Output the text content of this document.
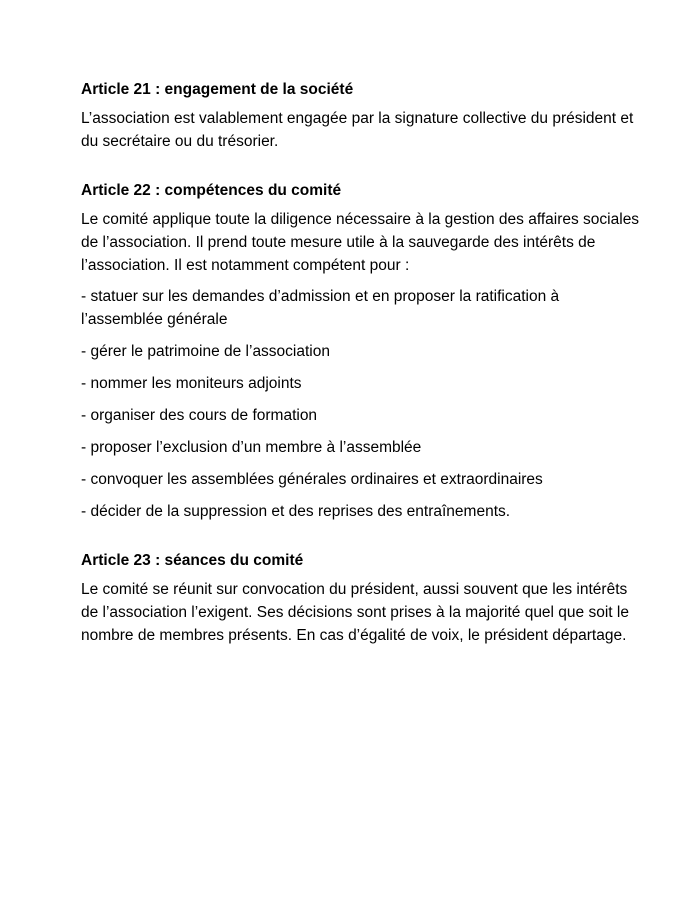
Article 21 : engagement de la société

L’association est valablement engagée par la signature collective du président et du secrétaire ou du trésorier.

Article 22 : compétences du comité

Le comité applique toute la diligence nécessaire à la gestion des affaires sociales de l’association. Il prend toute mesure utile à la sauvegarde des intérêts de l’association. Il est notamment compétent pour :

- statuer sur les demandes d’admission et en proposer la ratification à l’assemblée générale

- gérer le patrimoine de l’association

- nommer les moniteurs adjoints

- organiser des cours de formation

- proposer l’exclusion d’un membre à l’assemblée

- convoquer les assemblées générales ordinaires et extraordinaires

- décider de la suppression et des reprises des entraînements.

Article 23 : séances du comité

Le comité se réunit sur convocation du président, aussi souvent que les intérêts de l’association l’exigent. Ses décisions sont prises à la majorité quel que soit le nombre de membres présents. En cas d’égalité de voix, le président départage.
